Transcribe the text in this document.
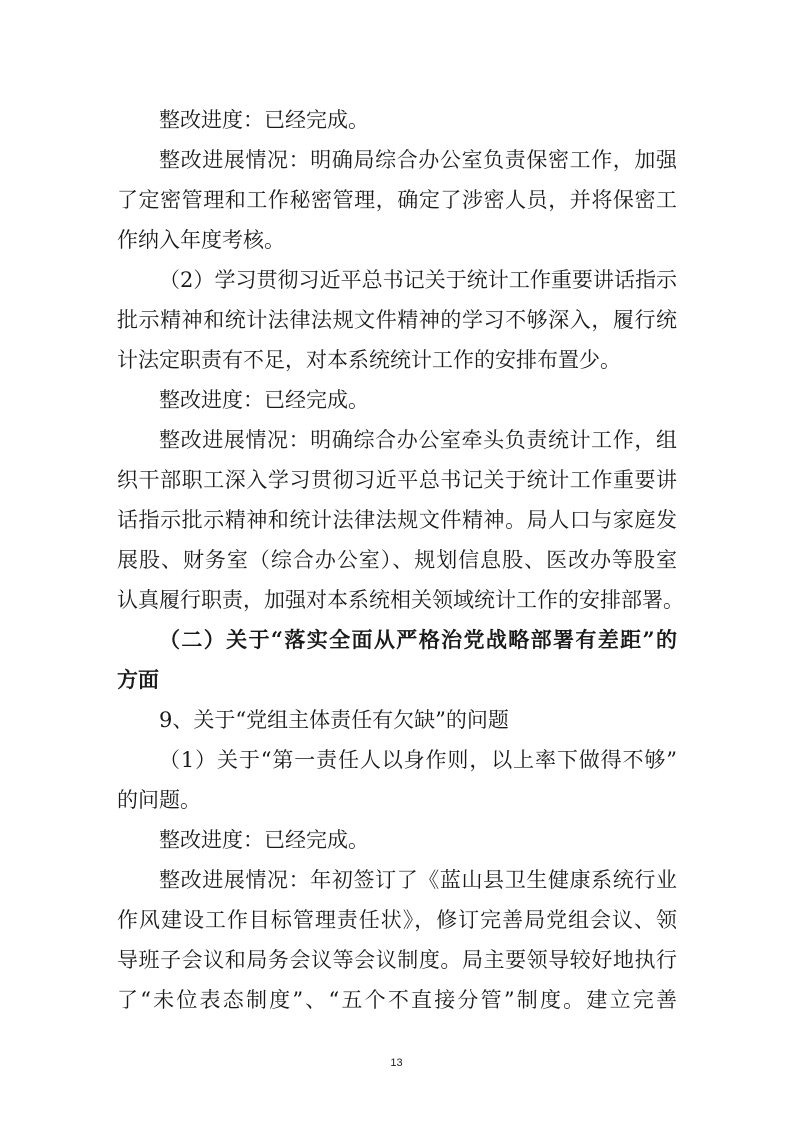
整改进度：已经完成。
整改进展情况：明确局综合办公室负责保密工作，加强
了定密管理和工作秘密管理，确定了涉密人员，并将保密工
作纳入年度考核。
（2）学习贯彻习近平总书记关于统计工作重要讲话指示
批示精神和统计法律法规文件精神的学习不够深入，履行统
计法定职责有不足，对本系统统计工作的安排布置少。
整改进度：已经完成。
整改进展情况：明确综合办公室牵头负责统计工作，组
织干部职工深入学习贯彻习近平总书记关于统计工作重要讲
话指示批示精神和统计法律法规文件精神。局人口与家庭发
展股、财务室（综合办公室）、规划信息股、医改办等股室
认真履行职责，加强对本系统相关领域统计工作的安排部署。
（二）关于“落实全面从严格治党战略部署有差距”的
方面
9、关于“党组主体责任有欠缺”的问题
（1）关于“第一责任人以身作则，以上率下做得不够”
的问题。
整改进度：已经完成。
整改进展情况：年初签订了《蓝山县卫生健康系统行业
作风建设工作目标管理责任状》，修订完善局党组会议、领
导班子会议和局务会议等会议制度。局主要领导较好地执行
了“未位表态制度”、“五个不直接分管”制度。建立完善
13
